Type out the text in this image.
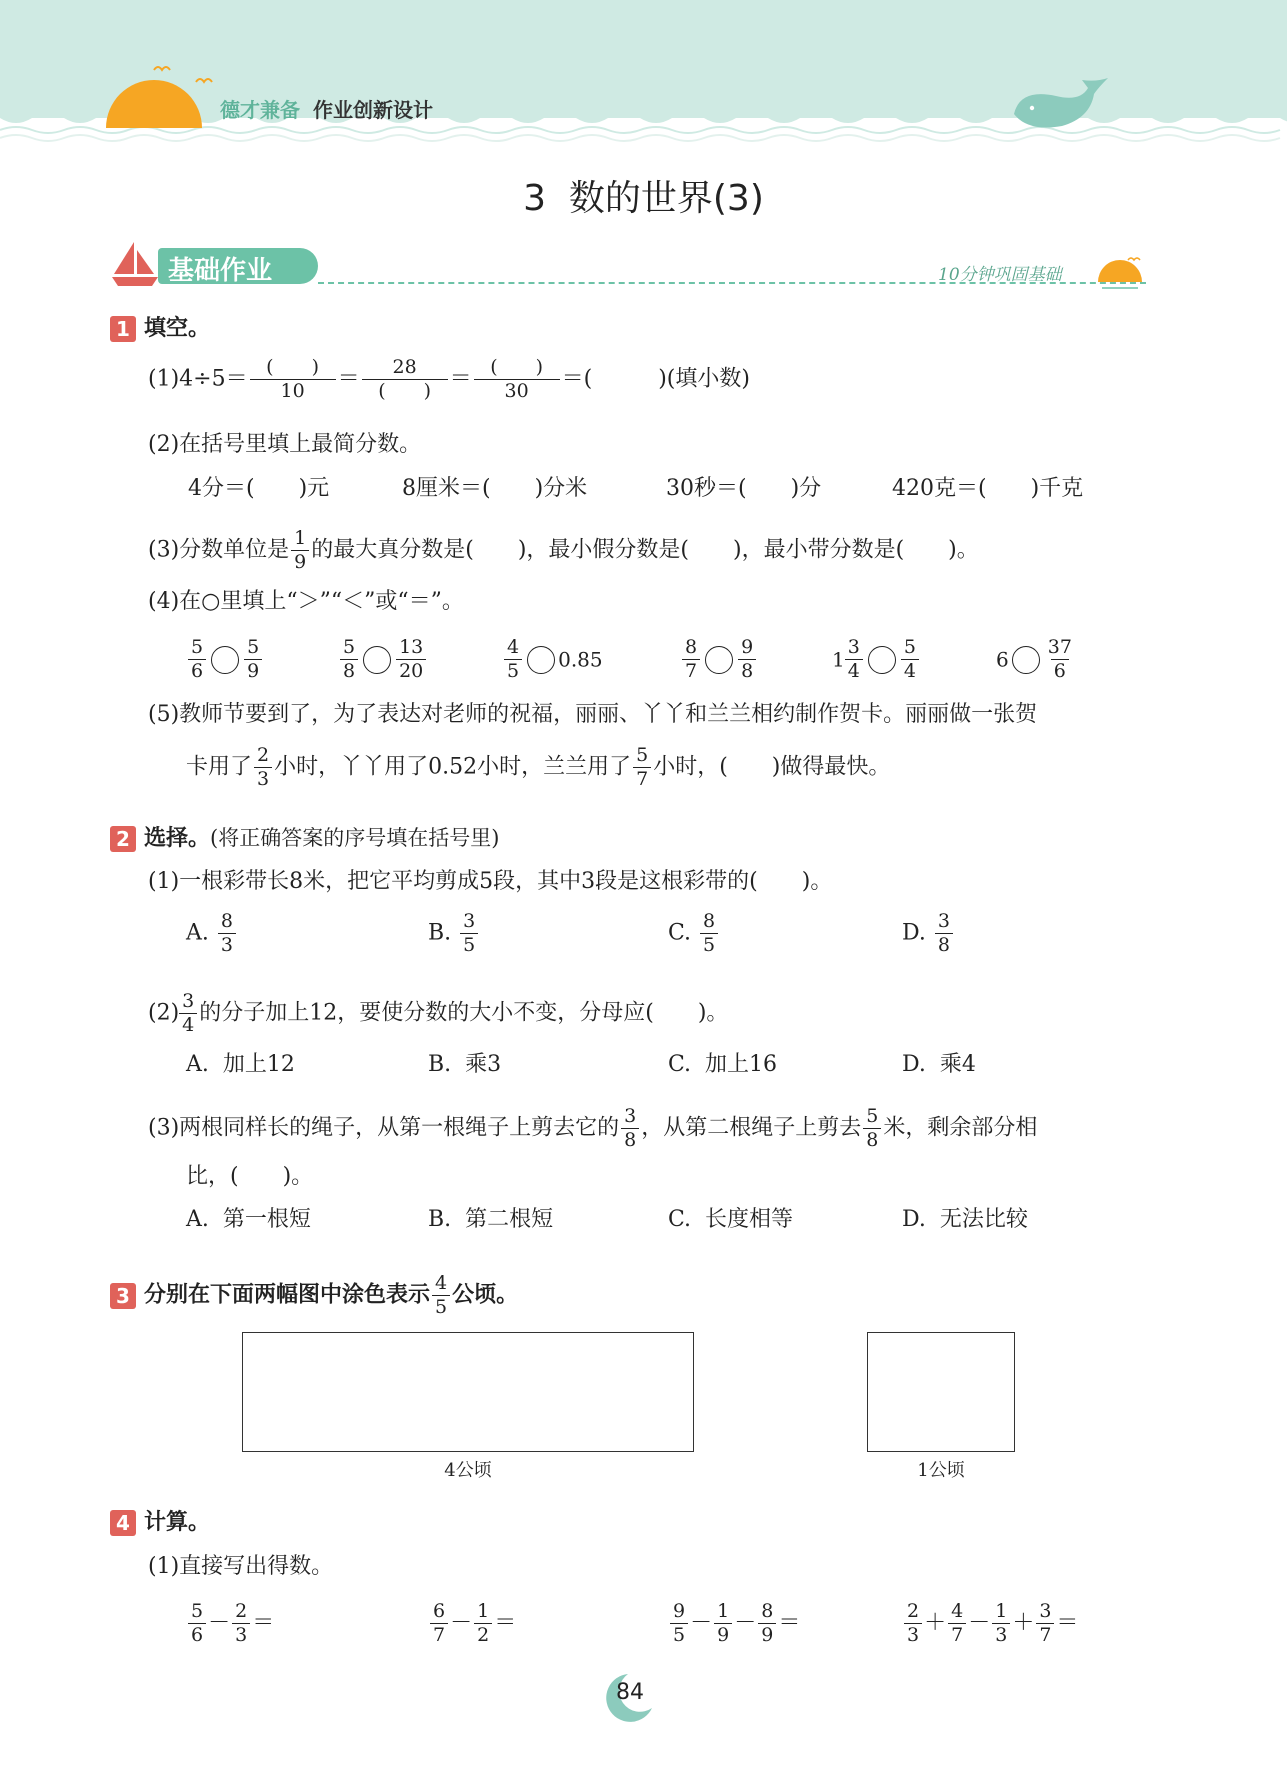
德才兼备 作业创新设计
3  数的世界(3)
基础作业	10分钟巩固基础
1 填空。
$(1)4\div 5= \frac{( )}{10} = \frac{28}{( )} = \frac{( )}{30}$ ＝(　　　)(填小数)
(2)在括号里填上最简分数。
4分＝(　　)元	8厘米＝(　　)分米	30秒＝(　　)分	420克＝(　　)千克
(3)分数单位是 $\frac{1}{9}$ 的最大真分数是(　　)，最小假分数是(　　)，最小带分数是(　　)。
(4)在○里填上“＞”“＜”或“＝”。
$\frac{5}{6} \frac{5}{9}$	$\frac{5}{8} \frac{13}{20}$	$\frac{4}{5} 0.85$	$\frac{8}{7} \frac{9}{8}$	$1 \frac{3}{4} \frac{5}{4}$	$6 \frac{37}{6}$
(5)教师节要到了，为了表达对老师的祝福，丽丽、丫丫和兰兰相约制作贺卡。丽丽做一张贺
卡用了 $\frac{2}{3}$ 小时，丫丫用了0.52小时，兰兰用了 $\frac{5}{7}$ 小时，(　　)做得最快。
2 选择。(将正确答案的序号填在括号里)
(1)一根彩带长8米，把它平均剪成5段，其中3段是这根彩带的(　　)。
A. $\frac{8}{3}$	B. $\frac{3}{5}$	C. $\frac{8}{5}$	D. $\frac{3}{8}$
$(2) \frac{3}{4}$ 的分子加上12，要使分数的大小不变，分母应(　　)。
A.  加上12	B.  乘3	C.  加上16	D.  乘4
(3)两根同样长的绳子，从第一根绳子上剪去它的 $\frac{3}{8}$ ，从第二根绳子上剪去 $\frac{5}{8}$ 米，剩余部分相
比，(　　)。
A.  第一根短	B.  第二根短	C.  长度相等	D.  无法比较
3 分别在下面两幅图中涂色表示 $\frac{4}{5}$ 公顷。
4公顷	1公顷
4 计算。
(1)直接写出得数。
$\frac{5}{6} - \frac{2}{3}$ ＝	$\frac{6}{7} - \frac{1}{2}$ ＝	$\frac{9}{5} - \frac{1}{9} - \frac{8}{9}$ ＝	$\frac{2}{3} + \frac{4}{7} - \frac{1}{3} + \frac{3}{7}$ ＝
84
